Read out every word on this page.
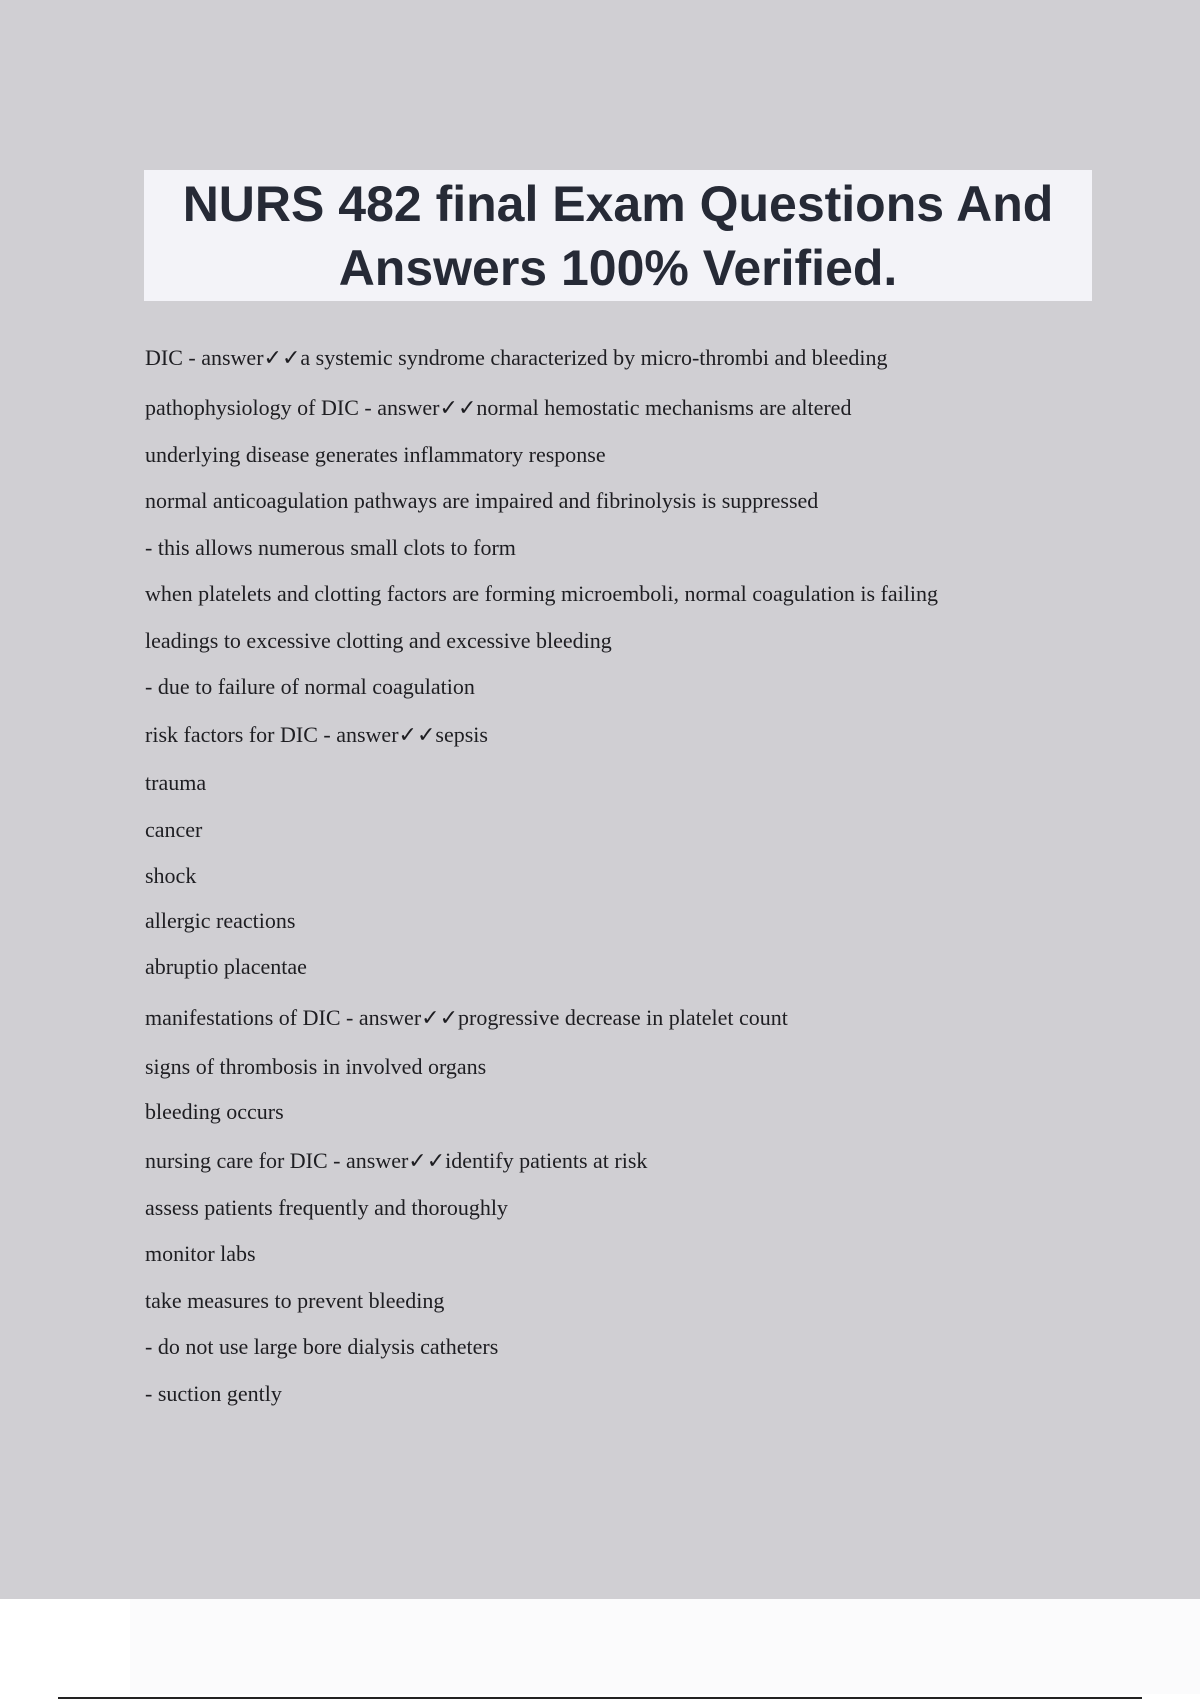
NURS 482 final Exam Questions And Answers 100% Verified.
DIC - answer✓✓a systemic syndrome characterized by micro-thrombi and bleeding
pathophysiology of DIC - answer✓✓normal hemostatic mechanisms are altered
underlying disease generates inflammatory response
normal anticoagulation pathways are impaired and fibrinolysis is suppressed
- this allows numerous small clots to form
when platelets and clotting factors are forming microemboli, normal coagulation is failing
leadings to excessive clotting and excessive bleeding
- due to failure of normal coagulation
risk factors for DIC - answer✓✓sepsis
trauma
cancer
shock
allergic reactions
abruptio placentae
manifestations of DIC - answer✓✓progressive decrease in platelet count
signs of thrombosis in involved organs
bleeding occurs
nursing care for DIC - answer✓✓identify patients at risk
assess patients frequently and thoroughly
monitor labs
take measures to prevent bleeding
- do not use large bore dialysis catheters
- suction gently
